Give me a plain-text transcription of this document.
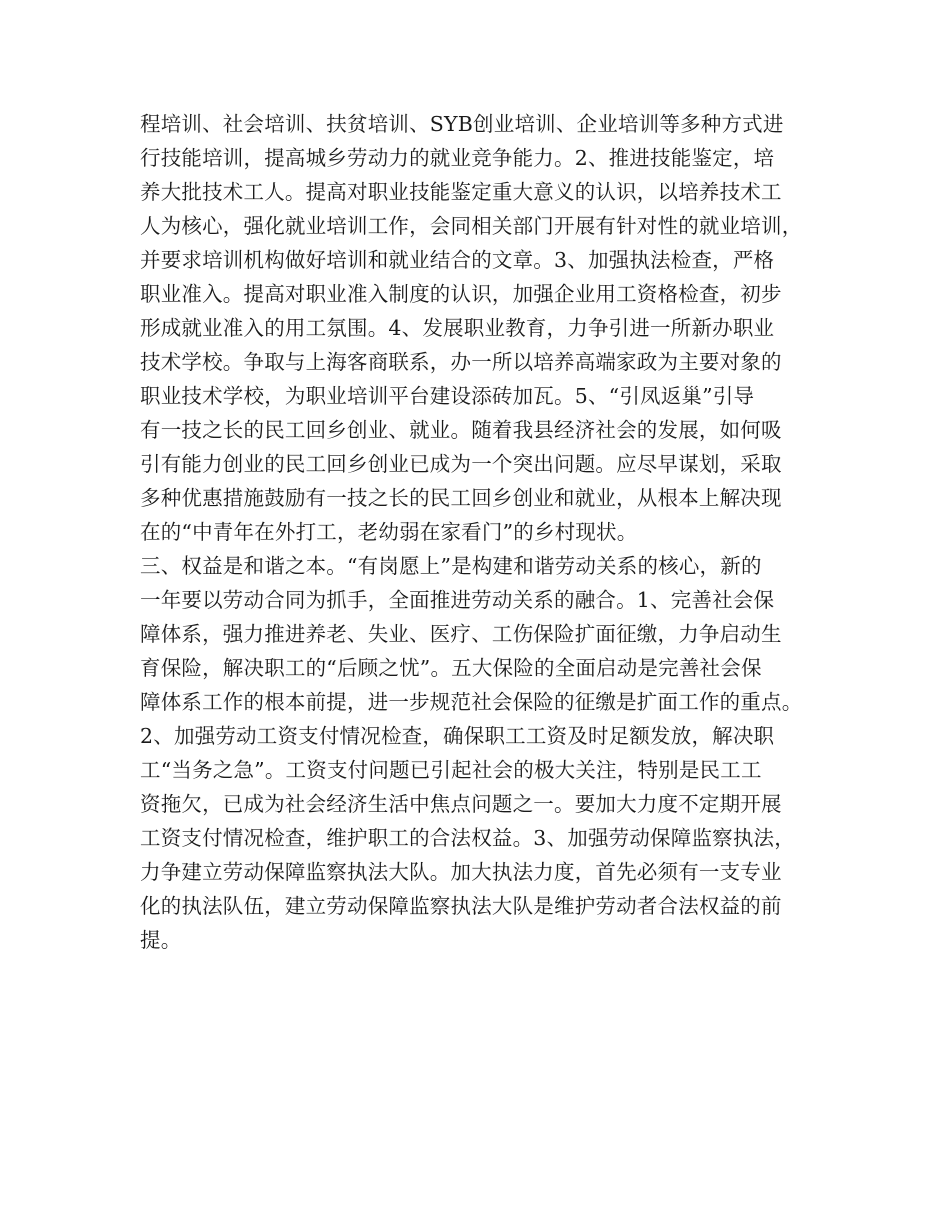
程培训、社会培训、扶贫培训、SYB创业培训、企业培训等多种方式进
行技能培训，提高城乡劳动力的就业竞争能力。2、推进技能鉴定，培
养大批技术工人。提高对职业技能鉴定重大意义的认识，以培养技术工
人为核心，强化就业培训工作，会同相关部门开展有针对性的就业培训，
并要求培训机构做好培训和就业结合的文章。3、加强执法检查，严格
职业准入。提高对职业准入制度的认识，加强企业用工资格检查，初步
形成就业准入的用工氛围。4、发展职业教育，力争引进一所新办职业
技术学校。争取与上海客商联系，办一所以培养高端家政为主要对象的
职业技术学校，为职业培训平台建设添砖加瓦。5、“引凤返巢”引导
有一技之长的民工回乡创业、就业。随着我县经济社会的发展，如何吸
引有能力创业的民工回乡创业已成为一个突出问题。应尽早谋划，采取
多种优惠措施鼓励有一技之长的民工回乡创业和就业，从根本上解决现
在的“中青年在外打工，老幼弱在家看门”的乡村现状。
三、权益是和谐之本。“有岗愿上”是构建和谐劳动关系的核心，新的
一年要以劳动合同为抓手，全面推进劳动关系的融合。1、完善社会保
障体系，强力推进养老、失业、医疗、工伤保险扩面征缴，力争启动生
育保险，解决职工的“后顾之忧”。五大保险的全面启动是完善社会保
障体系工作的根本前提，进一步规范社会保险的征缴是扩面工作的重点。
2、加强劳动工资支付情况检查，确保职工工资及时足额发放，解决职
工“当务之急”。工资支付问题已引起社会的极大关注，特别是民工工
资拖欠，已成为社会经济生活中焦点问题之一。要加大力度不定期开展
工资支付情况检查，维护职工的合法权益。3、加强劳动保障监察执法，
力争建立劳动保障监察执法大队。加大执法力度，首先必须有一支专业
化的执法队伍，建立劳动保障监察执法大队是维护劳动者合法权益的前
提。
